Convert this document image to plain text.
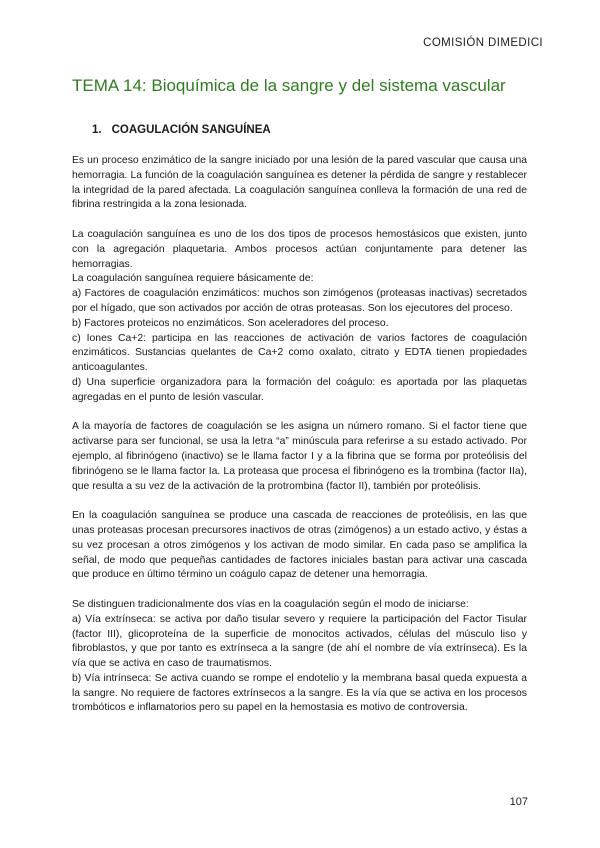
COMISIÓN DIMEDICI
TEMA 14: Bioquímica de la sangre y del sistema vascular
1. COAGULACIÓN SANGUÍNEA

Es un proceso enzimático de la sangre iniciado por una lesión de la pared vascular que causa una hemorragia. La función de la coagulación sanguínea es detener la pérdida de sangre y restablecer la integridad de la pared afectada. La coagulación sanguínea conlleva la formación de una red de fibrina restringida a la zona lesionada.

La coagulación sanguínea es uno de los dos tipos de procesos hemostásicos que existen, junto con la agregación plaquetaria. Ambos procesos actúan conjuntamente para detener las hemorragias.

La coagulación sanguínea requiere básicamente de:

a) Factores de coagulación enzimáticos: muchos son zimógenos (proteasas inactivas) secretados por el hígado, que son activados por acción de otras proteasas. Son los ejecutores del proceso.

b) Factores proteicos no enzimáticos. Son aceleradores del proceso.

c) Iones Ca+2: participa en las reacciones de activación de varios factores de coagulación enzimáticos. Sustancias quelantes de Ca+2 como oxalato, citrato y EDTA tienen propiedades anticoagulantes.

d) Una superficie organizadora para la formación del coágulo: es aportada por las plaquetas agregadas en el punto de lesión vascular.

A la mayoría de factores de coagulación se les asigna un número romano. Si el factor tiene que activarse para ser funcional, se usa la letra “a” minúscula para referirse a su estado activado. Por ejemplo, al fibrinógeno (inactivo) se le llama factor I y a la fibrina que se forma por proteólisis del fibrinógeno se le llama factor Ia. La proteasa que procesa el fibrinógeno es la trombina (factor IIa), que resulta a su vez de la activación de la protrombina (factor II), también por proteólisis.

En la coagulación sanguínea se produce una cascada de reacciones de proteólisis, en las que unas proteasas procesan precursores inactivos de otras (zimógenos) a un estado activo, y éstas a su vez procesan a otros zimógenos y los activan de modo similar. En cada paso se amplifica la señal, de modo que pequeñas cantidades de factores iniciales bastan para activar una cascada que produce en último término un coágulo capaz de detener una hemorragia.

Se distinguen tradicionalmente dos vías en la coagulación según el modo de iniciarse:

a) Vía extrínseca: se activa por daño tisular severo y requiere la participación del Factor Tisular (factor III), glicoproteína de la superficie de monocitos activados, células del músculo liso y fibroblastos, y que por tanto es extrínseca a la sangre (de ahí el nombre de vía extrínseca). Es la vía que se activa en caso de traumatismos.

b) Vía intrínseca: Se activa cuando se rompe el endotelio y la membrana basal queda expuesta a la sangre. No requiere de factores extrínsecos a la sangre. Es la vía que se activa en los procesos trombóticos e inflamatorios pero su papel en la hemostasia es motivo de controversia.

107
